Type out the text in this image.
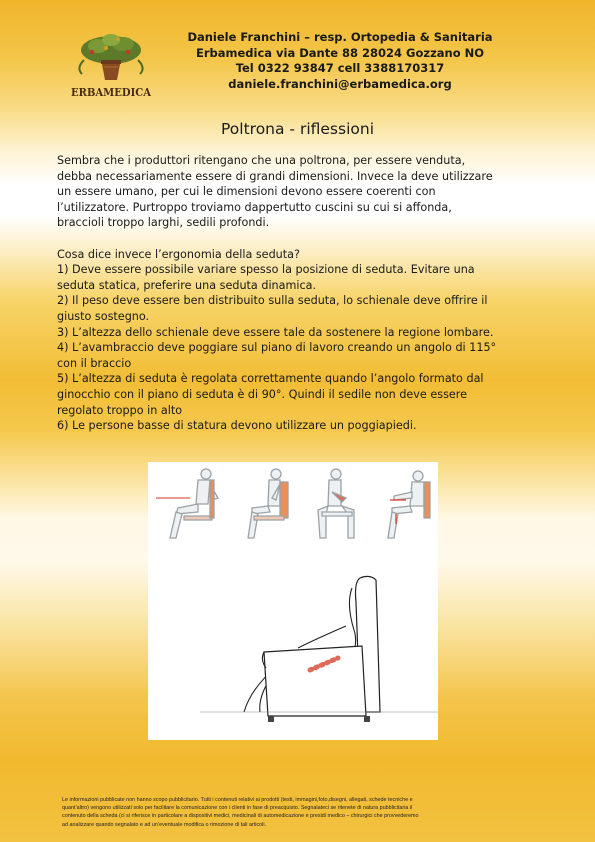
ERBAMEDICA
Daniele Franchini – resp. Ortopedia & Sanitaria
Erbamedica via Dante 88 28024 Gozzano NO
Tel 0322 93847 cell 3388170317
daniele.franchini@erbamedica.org
Poltrona - riflessioni

Sembra che i produttori ritengano che una poltrona, per essere venduta,

debba necessariamente essere di grandi dimensioni. Invece la deve utilizzare

un essere umano, per cui le dimensioni devono essere coerenti con

l’utilizzatore. Purtroppo troviamo dappertutto cuscini su cui si affonda,

braccioli troppo larghi, sedili profondi.

Cosa dice invece l’ergonomia della seduta?

1) Deve essere possibile variare spesso la posizione di seduta. Evitare una

seduta statica, preferire una seduta dinamica.

2) Il peso deve essere ben distribuito sulla seduta, lo schienale deve offrire il

giusto sostegno.

3) L’altezza dello schienale deve essere tale da sostenere la regione lombare.

4) L’avambraccio deve poggiare sul piano di lavoro creando un angolo di 115°

con il braccio

5) L’altezza di seduta è regolata correttamente quando l’angolo formato dal

ginocchio con il piano di seduta è di 90°. Quindi il sedile non deve essere

regolato troppo in alto

6) Le persone basse di statura devono utilizzare un poggiapiedi.

Le informazioni pubblicate non hanno scopo pubblicitario. Tutti i contenuti relativi ai prodotti (testi, immagini,foto,disegni, allegati, schede tecniche e
quant’altro) vengono utilizzati solo per facilitare la comunicazione con i clienti in fase di preacquisto. Segnalateci se ritenete di natura pubblicitaria il
contenuto della scheda (ci si riferisce in particolare a dispositivi medici, medicinali di automedicazione e presidi medico – chirurgici che provvederemo
ad analizzare quando segnalato e ad un’eventuale modifica o rimozione di tali articoli.
